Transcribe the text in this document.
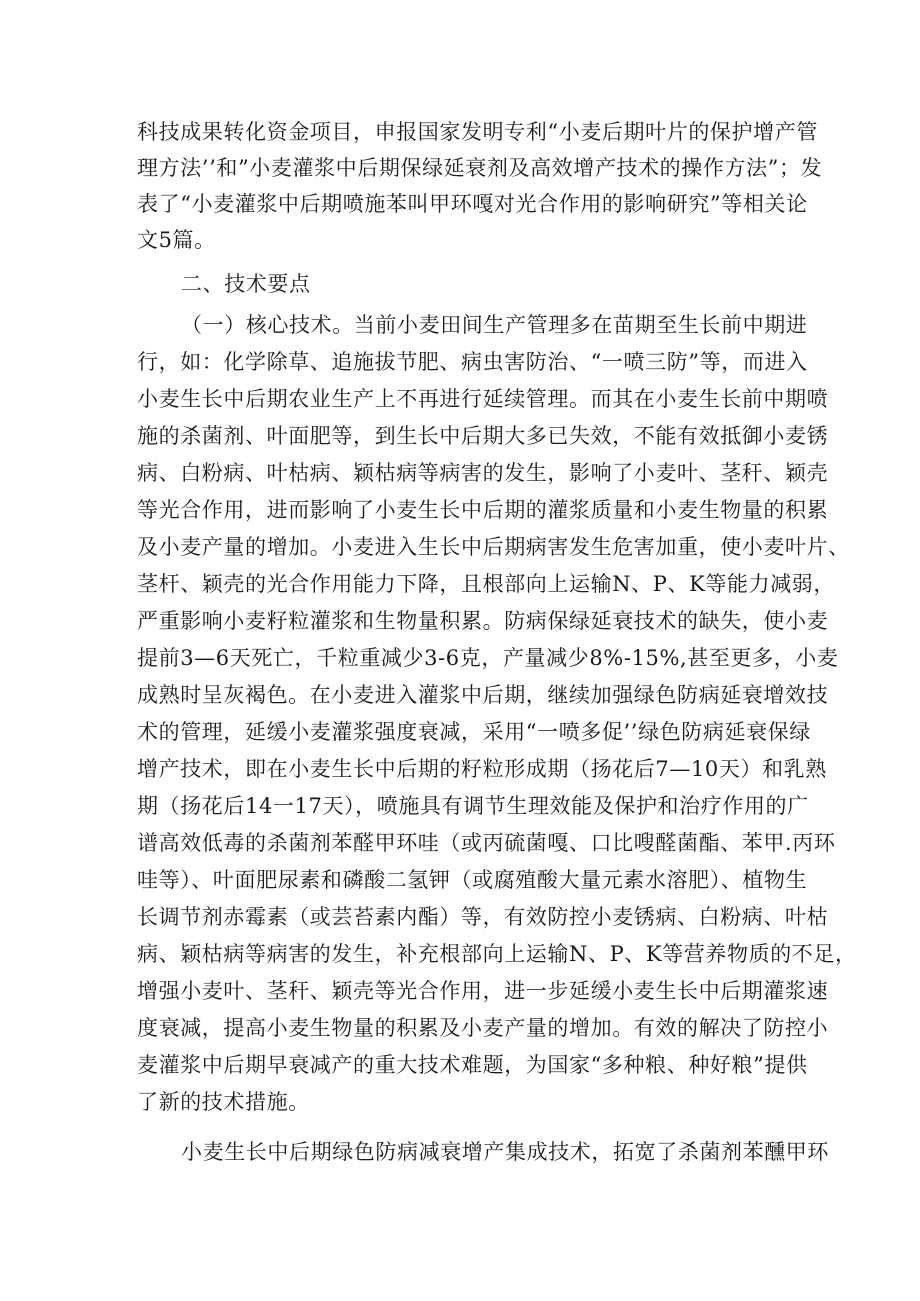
科技成果转化资金项目，申报国家发明专利“小麦后期叶片的保护增产管
理方法’’和”小麦灌浆中后期保绿延衰剂及高效增产技术的操作方法”；发
表了“小麦灌浆中后期喷施苯叫甲环嘎对光合作用的影响研究”等相关论
文5篇。
二、技术要点
（一）核心技术。当前小麦田间生产管理多在苗期至生长前中期进
行，如：化学除草、追施拔节肥、病虫害防治、“一喷三防”等，而进入
小麦生长中后期农业生产上不再进行延续管理。而其在小麦生长前中期喷
施的杀菌剂、叶面肥等，到生长中后期大多已失效，不能有效抵御小麦锈
病、白粉病、叶枯病、颖枯病等病害的发生，影响了小麦叶、茎秆、颖壳
等光合作用，进而影响了小麦生长中后期的灌浆质量和小麦生物量的积累
及小麦产量的增加。小麦进入生长中后期病害发生危害加重，使小麦叶片、
茎杆、颖壳的光合作用能力下降，且根部向上运输N、P、K等能力减弱，
严重影响小麦籽粒灌浆和生物量积累。防病保绿延衰技术的缺失，使小麦
提前3—6天死亡，千粒重减少3-6克，产量减少8%-15%,甚至更多，小麦
成熟时呈灰褐色。在小麦进入灌浆中后期，继续加强绿色防病延衰增效技
术的管理，延缓小麦灌浆强度衰减，采用“一喷多促’’绿色防病延衰保绿
增产技术，即在小麦生长中后期的籽粒形成期（扬花后7—10天）和乳熟
期（扬花后14一17天），喷施具有调节生理效能及保护和治疗作用的广
谱高效低毒的杀菌剂苯醛甲环哇（或丙硫菌嘎、口比嗖醛菌酯、苯甲.丙环
哇等）、叶面肥尿素和磷酸二氢钾（或腐殖酸大量元素水溶肥）、植物生
长调节剂赤霉素（或芸苔素内酯）等，有效防控小麦锈病、白粉病、叶枯
病、颖枯病等病害的发生，补充根部向上运输N、P、K等营养物质的不足，
增强小麦叶、茎秆、颖壳等光合作用，进一步延缓小麦生长中后期灌浆速
度衰减，提高小麦生物量的积累及小麦产量的增加。有效的解决了防控小
麦灌浆中后期早衰减产的重大技术难题，为国家“多种粮、种好粮”提供
了新的技术措施。
小麦生长中后期绿色防病减衰增产集成技术，拓宽了杀菌剂苯醺甲环
